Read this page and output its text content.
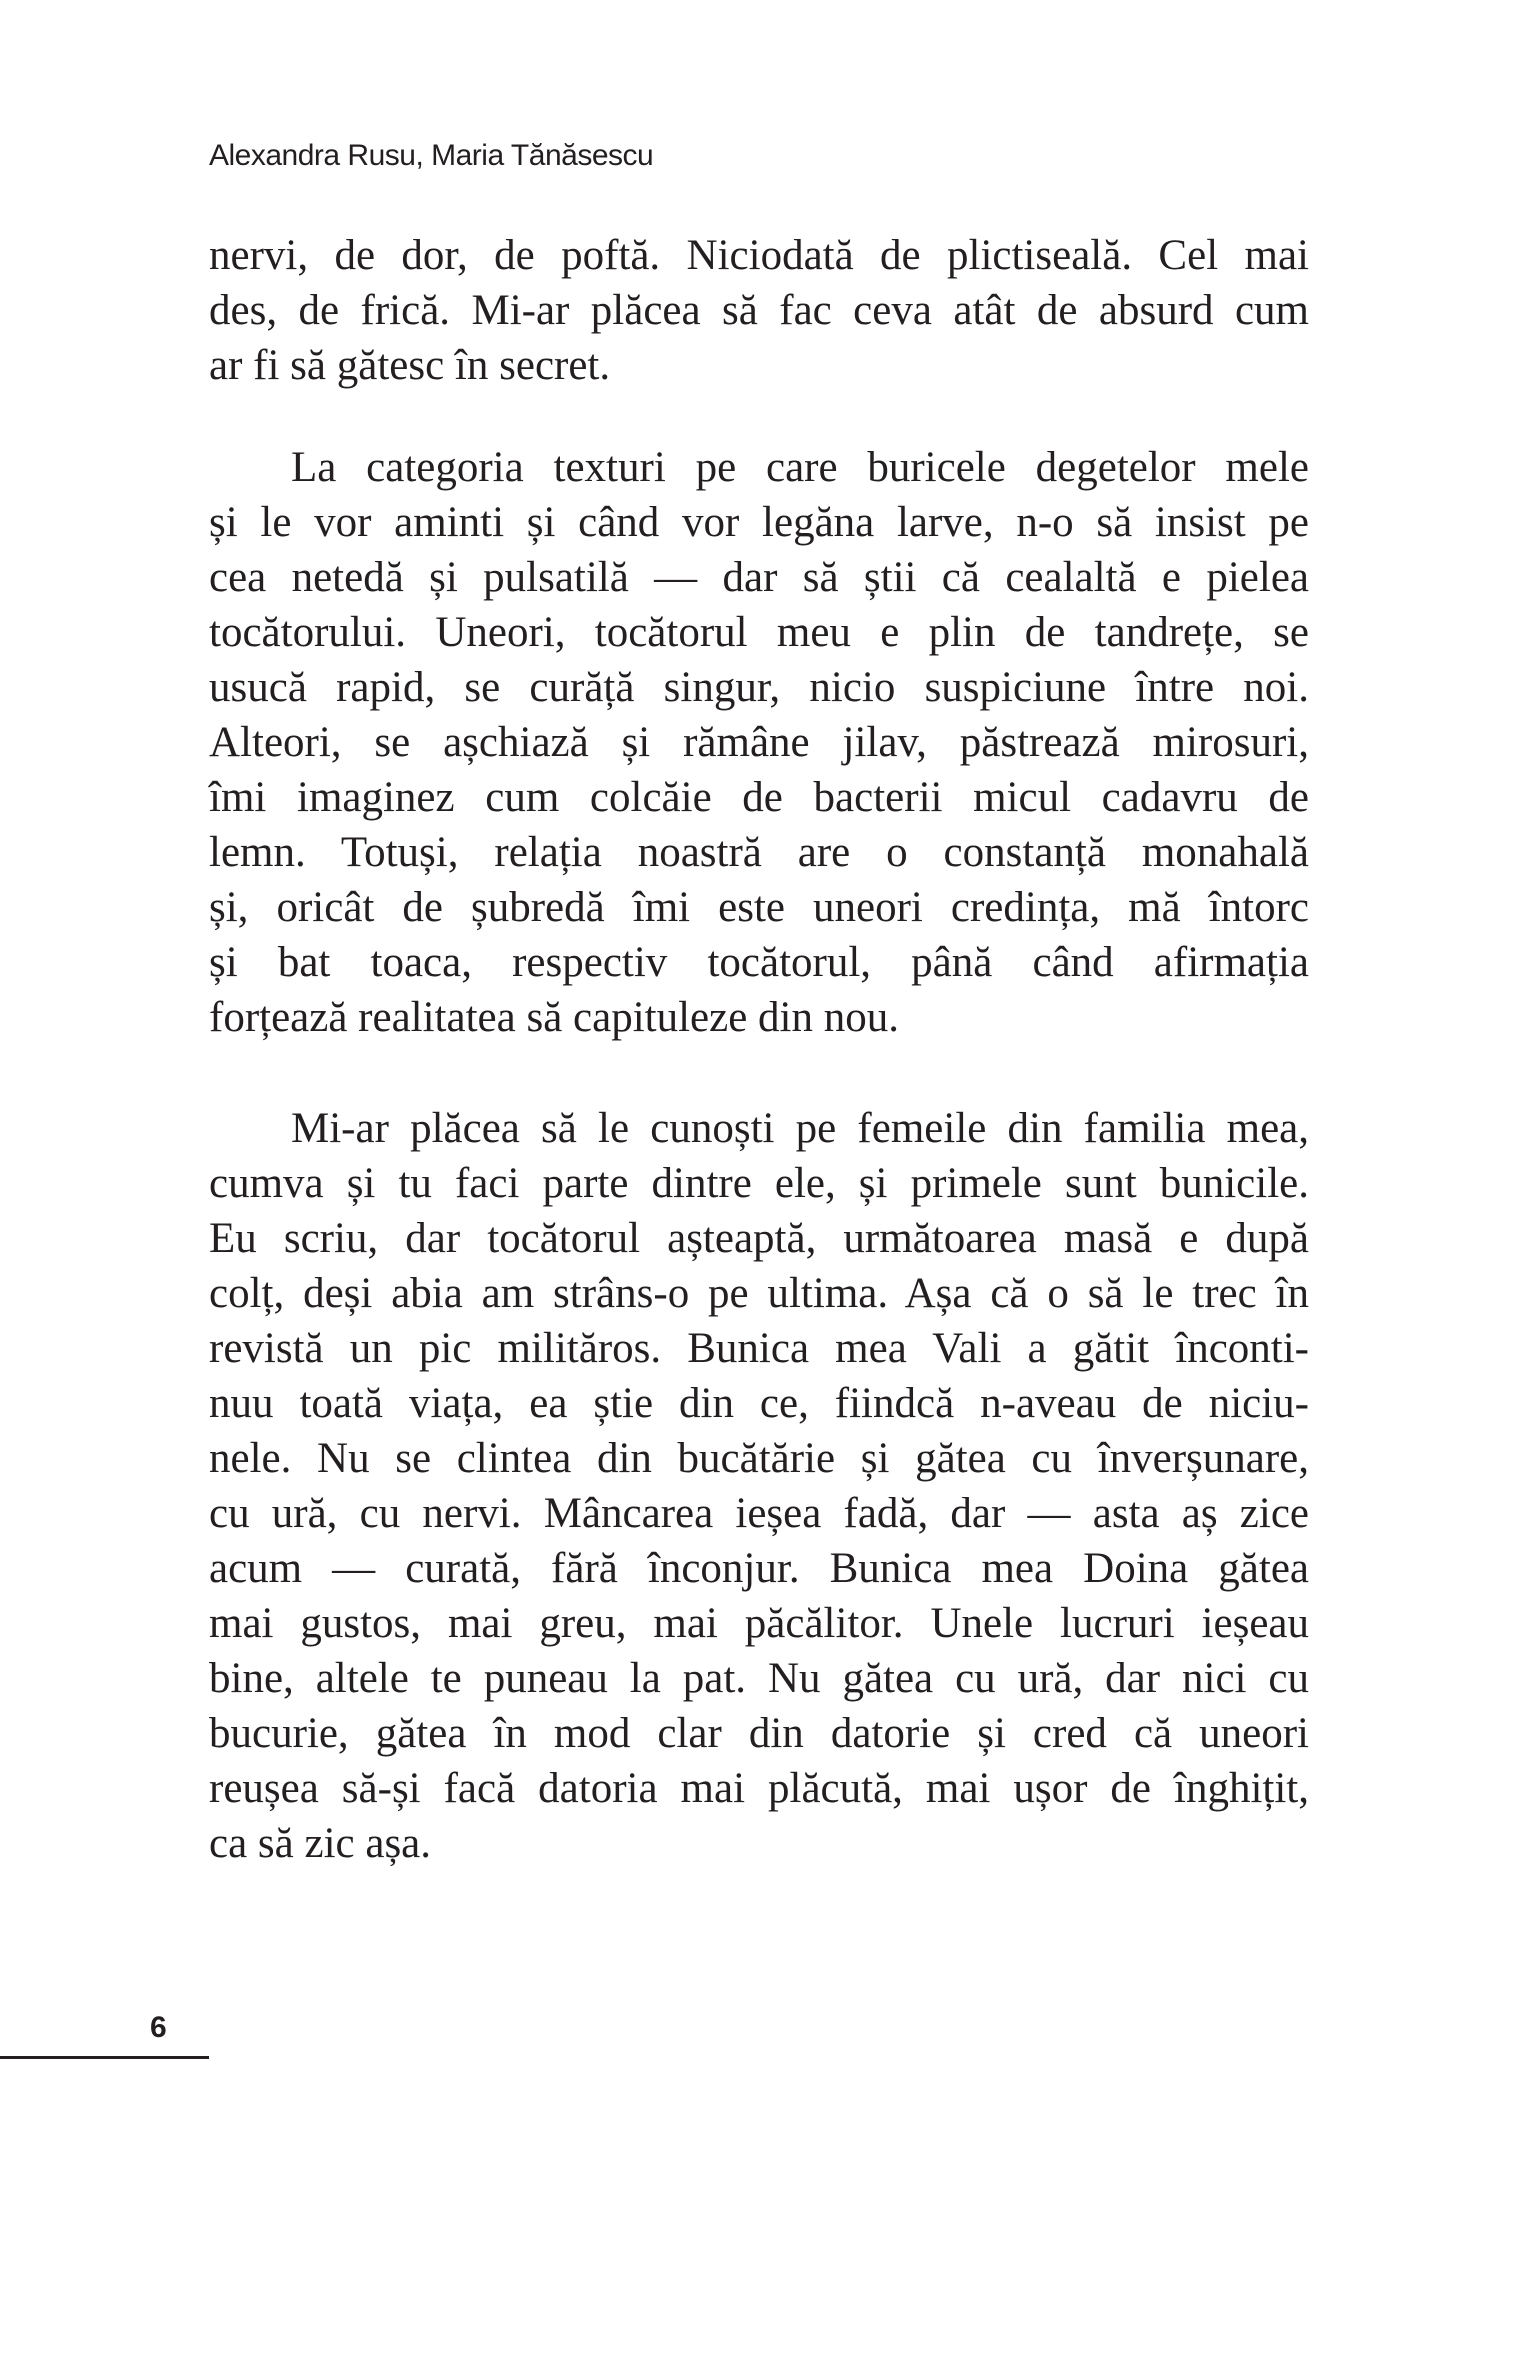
Alexandra Rusu, Maria Tănăsescu
nervi, de dor, de poftă. Niciodată de plictiseală. Cel mai
des, de frică. Mi-ar plăcea să fac ceva atât de absurd cum
ar fi să gătesc în secret.
La categoria texturi pe care buricele degetelor mele
și le vor aminti și când vor legăna larve, n-o să insist pe
cea netedă și pulsatilă — dar să știi că cealaltă e pielea
tocătorului. Uneori, tocătorul meu e plin de tandrețe, se
usucă rapid, se curăță singur, nicio suspiciune între noi.
Alteori, se așchiază și rămâne jilav, păstrează mirosuri,
îmi imaginez cum colcăie de bacterii micul cadavru de
lemn. Totuși, relația noastră are o constanță monahală
și, oricât de șubredă îmi este uneori credința, mă întorc
și bat toaca, respectiv tocătorul, până când afirmația
forțează realitatea să capituleze din nou.
Mi-ar plăcea să le cunoști pe femeile din familia mea,
cumva și tu faci parte dintre ele, și primele sunt bunicile.
Eu scriu, dar tocătorul așteaptă, următoarea masă e după
colț, deși abia am strâns-o pe ultima. Așa că o să le trec în
revistă un pic milităros. Bunica mea Vali a gătit înconti-
nuu toată viața, ea știe din ce, fiindcă n-aveau de niciu-
nele. Nu se clintea din bucătărie și gătea cu înverșunare,
cu ură, cu nervi. Mâncarea ieșea fadă, dar — asta aș zice
acum — curată, fără înconjur. Bunica mea Doina gătea
mai gustos, mai greu, mai păcălitor. Unele lucruri ieșeau
bine, altele te puneau la pat. Nu gătea cu ură, dar nici cu
bucurie, gătea în mod clar din datorie și cred că uneori
reușea să-și facă datoria mai plăcută, mai ușor de înghițit,
ca să zic așa.
6
